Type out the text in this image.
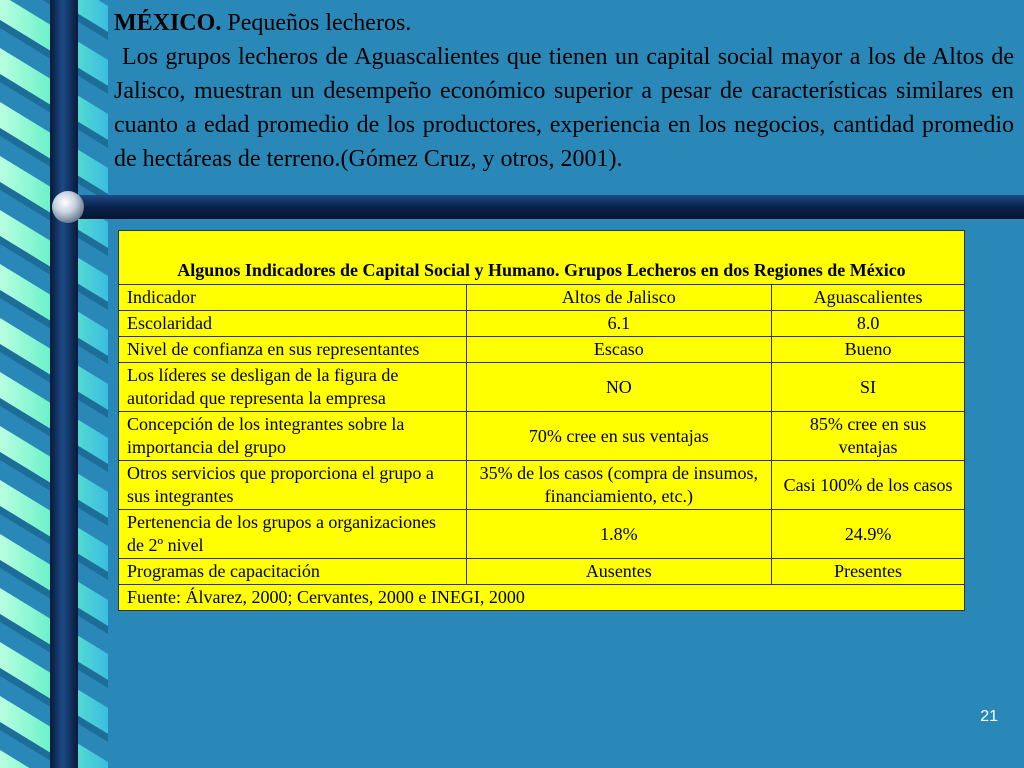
MÉXICO. Pequeños lecheros.

Los grupos lecheros de Aguascalientes que tienen un capital social mayor a los de Altos de Jalisco, muestran un desempeño económico superior a pesar de características similares en cuanto a edad promedio de los productores, experiencia en los negocios, cantidad promedio de hectáreas de terreno.(Gómez Cruz, y otros, 2001).

Algunos Indicadores de Capital Social y Humano. Grupos Lecheros en dos Regiones de México		
Indicador	Altos de Jalisco	Aguascalientes
Escolaridad	6.1	8.0
Nivel de confianza en sus representantes	Escaso	Bueno
Los líderes se desligan de la figura de autoridad que representa la empresa	NO	SI
Concepción de los integrantes sobre la importancia del grupo	70% cree en sus ventajas	85% cree en sus ventajas
Otros servicios que proporciona el grupo a sus integrantes	35% de los casos (compra de insumos, financiamiento, etc.)	Casi 100% de los casos
Pertenencia de los grupos a organizaciones de 2º nivel	1.8%	24.9%
Programas de capacitación	Ausentes	Presentes
Fuente: Álvarez, 2000; Cervantes, 2000 e INEGI, 2000		
21
